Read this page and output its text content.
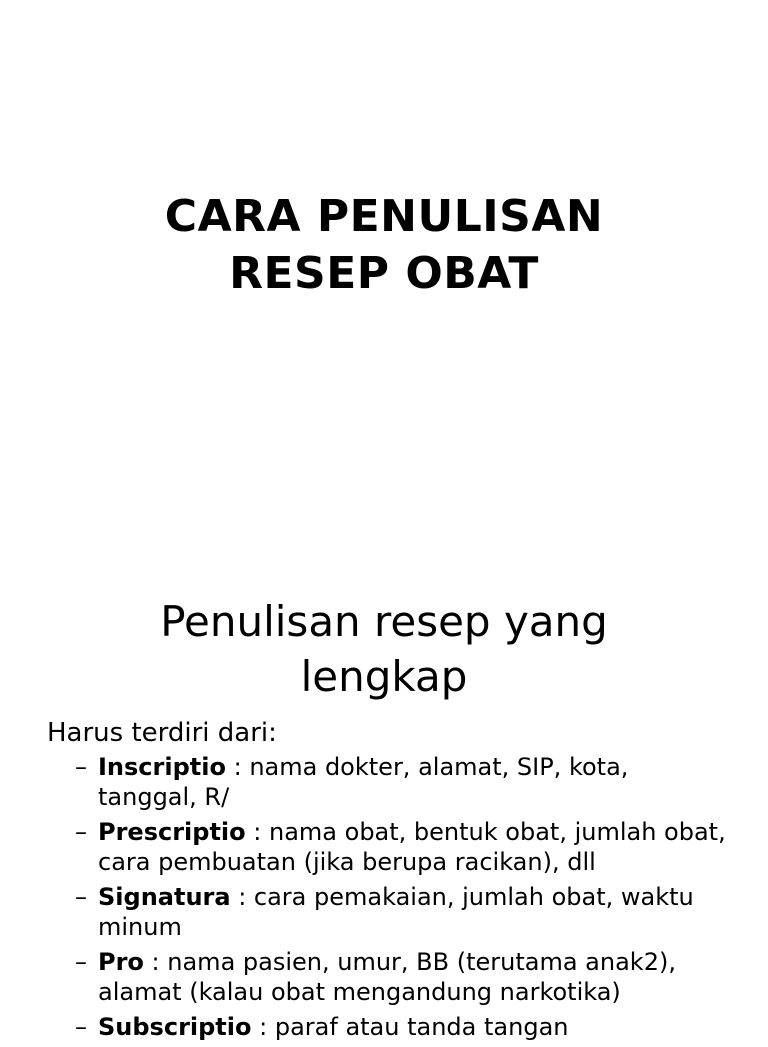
CARA PENULISAN
RESEP OBAT
Penulisan resep yang
lengkap
Harus terdiri dari:
– Inscriptio : nama dokter, alamat, SIP, kota, tanggal, R/
– Prescriptio : nama obat, bentuk obat, jumlah obat, cara pembuatan (jika berupa racikan), dll
– Signatura : cara pemakaian, jumlah obat, waktu minum
– Pro : nama pasien, umur, BB (terutama anak2), alamat (kalau obat mengandung narkotika)
– Subscriptio : paraf atau tanda tangan
